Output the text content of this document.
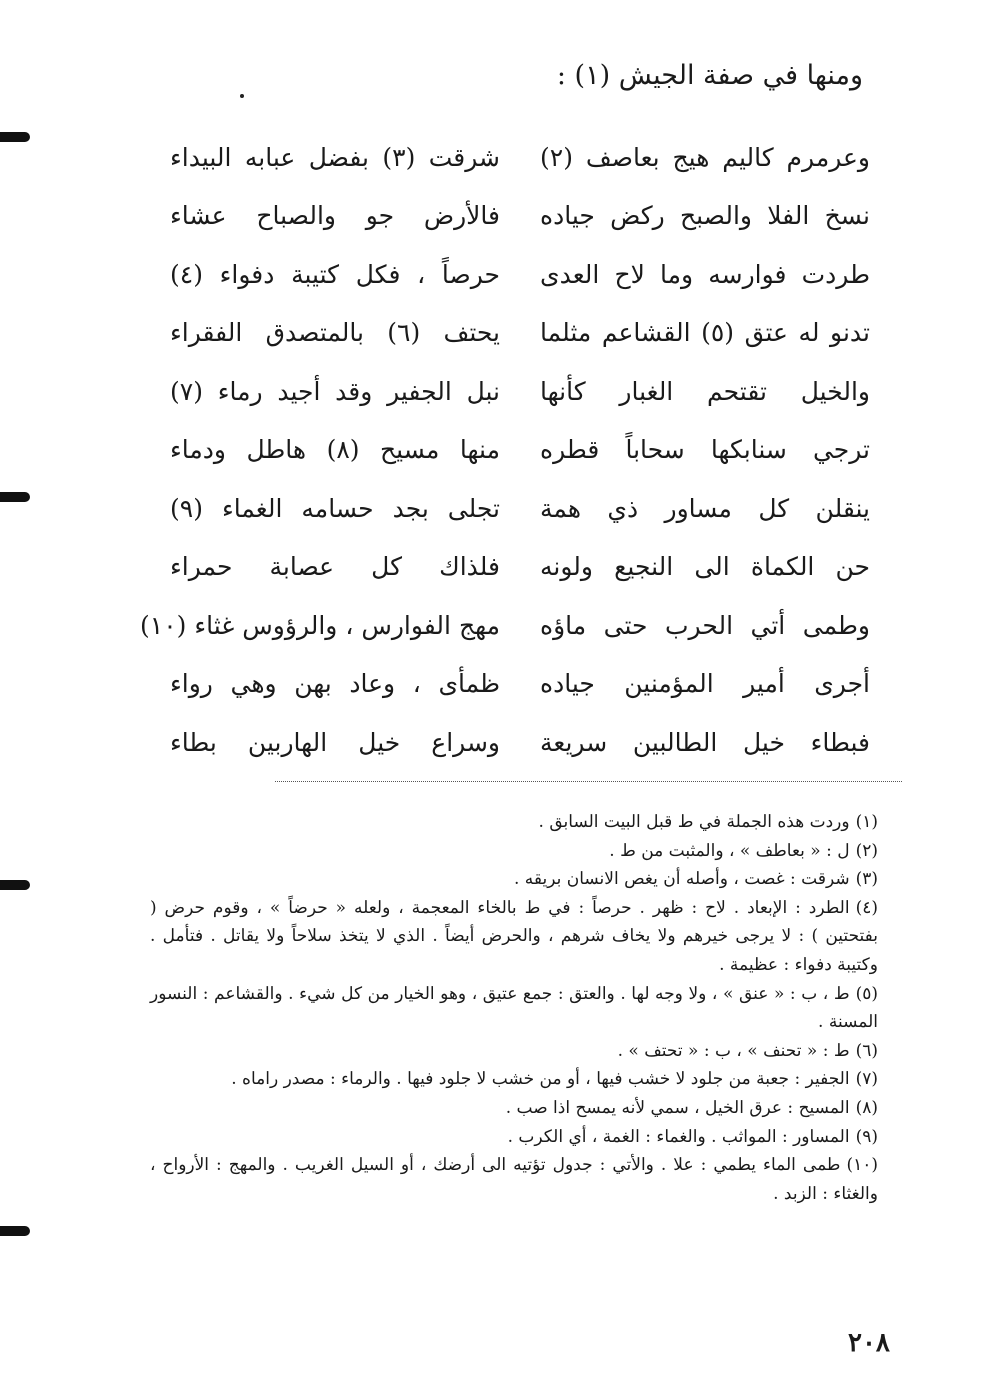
ومنها في صفة الجيش (١) :
وعرمرم كاليم هيج بعاصف (٢)
شرقت (٣) بفضل عبابه البيداء
نسخ الفلا والصبح ركض جياده
فالأرض جو والصباح عشاء
طردت فوارسه وما لاح العدى
حرصاً ، فكل كتيبة دفواء (٤)
تدنو له عتق (٥) القشاعم مثلما
يحتف (٦) بالمتصدق الفقراء
والخيل تقتحم الغبار كأنها
نبل الجفير وقد أجيد رماء (٧)
ترجي سنابكها سحاباً قطره
منها مسيح (٨) هاطل ودماء
ينقلن كل مساور ذي همة
تجلى بجد حسامه الغماء (٩)
حن الكماة الى النجيع ولونه
فلذاك كل عصابة حمراء
وطمى أتي الحرب حتى ماؤه
مهج الفوارس ، والرؤوس غثاء (١٠)
أجرى أمير المؤمنين جياده
ظمأى ، وعاد بهن وهي رواء
فبطاء خيل الطالبين سريعة
وسراع خيل الهاربين بطاء

(١)وردت هذه الجملة في ط قبل البيت السابق .

(٢)ل : « بعاطف » ، والمثبت من ط .

(٣)شرقت : غصت ، وأصله أن يغص الانسان بريقه .

(٤)الطرد : الإبعاد . لاح : ظهر . حرصاً : في ط بالخاء المعجمة ، ولعله « حرضاً » ، وقوم حرض ( بفتحتين ) : لا يرجى خيرهم ولا يخاف شرهم ، والحرض أيضاً . الذي لا يتخذ سلاحاً ولا يقاتل . فتأمل . وكتيبة دفواء : عظيمة .

(٥)ط ، ب : « عنق » ، ولا وجه لها . والعتق : جمع عتيق ، وهو الخيار من كل شيء . والقشاعم : النسور المسنة .

(٦)ط : « تحنف » ، ب : « تحتف » .

(٧)الجفير : جعبة من جلود لا خشب فيها ، أو من خشب لا جلود فيها . والرماء : مصدر راماه .

(٨)المسيح : عرق الخيل ، سمي لأنه يمسح اذا صب .

(٩)المساور : المواثب . والغماء : الغمة ، أي الكرب .

(١٠)طمى الماء يطمي : علا . والأتي : جدول تؤتيه الى أرضك ، أو السيل الغريب . والمهج : الأرواح ، والغثاء : الزبد .

٢٠٨
